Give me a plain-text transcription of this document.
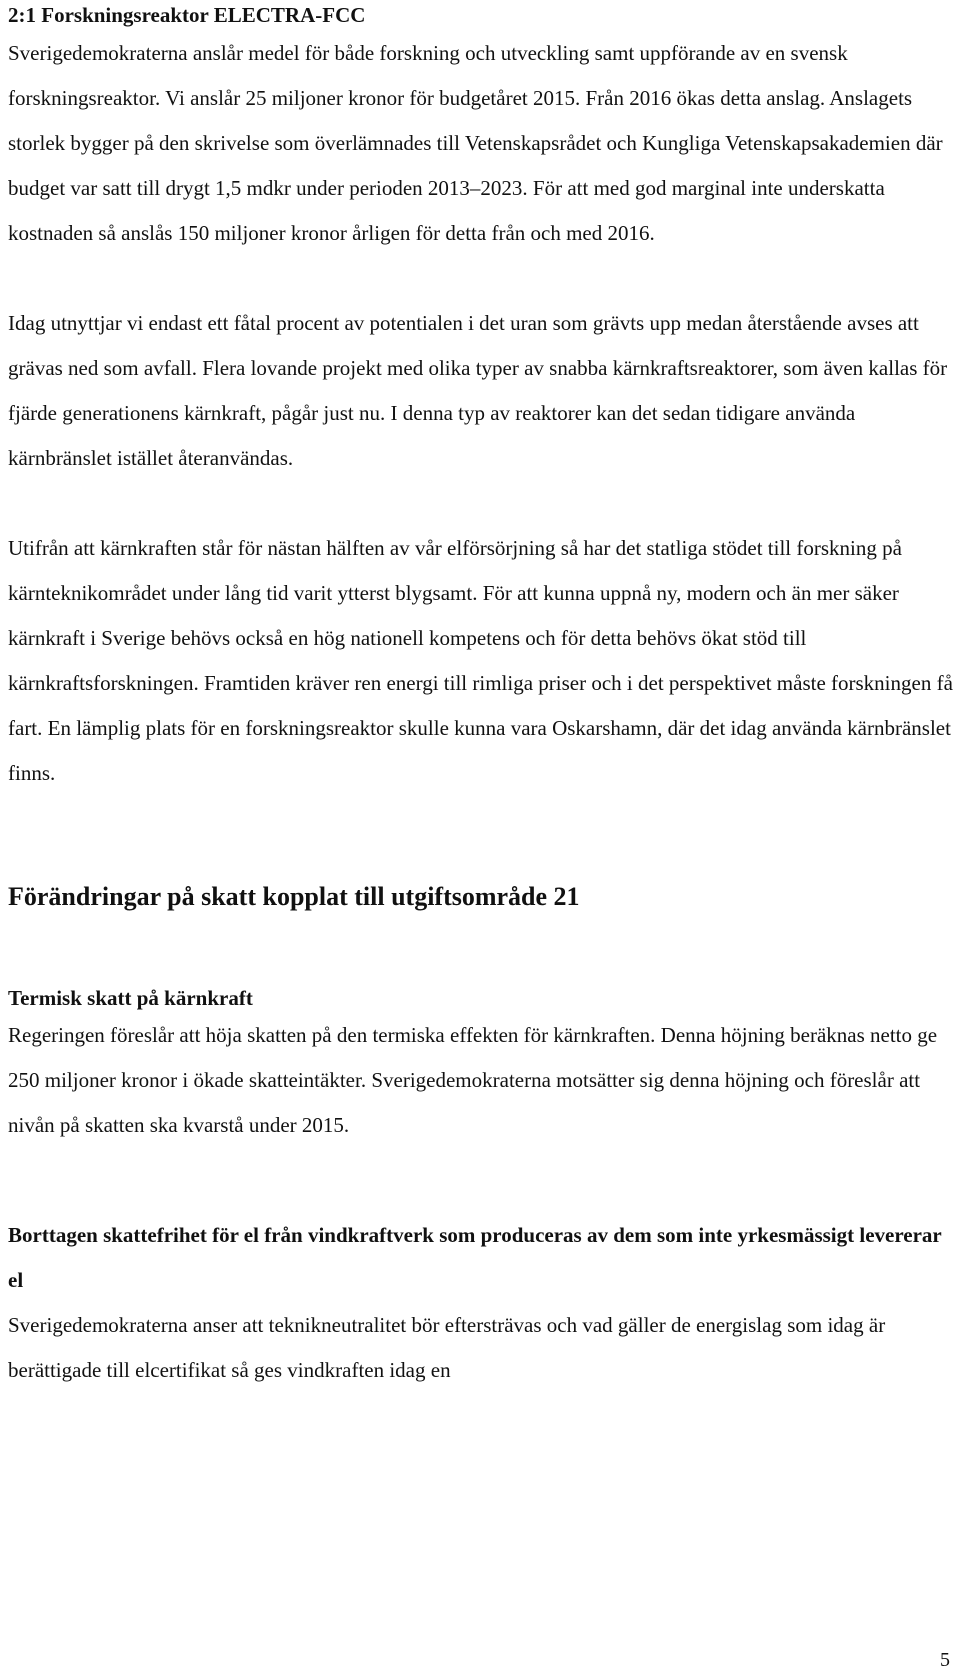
2:1 Forskningsreaktor ELECTRA-FCC

Sverigedemokraterna anslår medel för både forskning och utveckling samt uppförande av en svensk forskningsreaktor. Vi anslår 25 miljoner kronor för budgetåret 2015. Från 2016 ökas detta anslag. Anslagets storlek bygger på den skrivelse som överlämnades till Vetenskapsrådet och Kungliga Vetenskapsakademien där budget var satt till drygt 1,5 mdkr under perioden 2013–2023. För att med god marginal inte underskatta kostnaden så anslås 150 miljoner kronor årligen för detta från och med 2016.

Idag utnyttjar vi endast ett fåtal procent av potentialen i det uran som grävts upp medan återstående avses att grävas ned som avfall. Flera lovande projekt med olika typer av snabba kärnkraftsreaktorer, som även kallas för fjärde generationens kärnkraft, pågår just nu. I denna typ av reaktorer kan det sedan tidigare använda kärnbränslet istället återanvändas.

Utifrån att kärnkraften står för nästan hälften av vår elförsörjning så har det statliga stödet till forskning på kärnteknikområdet under lång tid varit ytterst blygsamt. För att kunna uppnå ny, modern och än mer säker kärnkraft i Sverige behövs också en hög nationell kompetens och för detta behövs ökat stöd till kärnkraftsforskningen. Framtiden kräver ren energi till rimliga priser och i det perspektivet måste forskningen få fart. En lämplig plats för en forskningsreaktor skulle kunna vara Oskarshamn, där det idag använda kärnbränslet finns.

Förändringar på skatt kopplat till utgiftsområde 21
Termisk skatt på kärnkraft

Regeringen föreslår att höja skatten på den termiska effekten för kärnkraften. Denna höjning beräknas netto ge 250 miljoner kronor i ökade skatteintäkter. Sverigedemokraterna motsätter sig denna höjning och föreslår att nivån på skatten ska kvarstå under 2015.

Borttagen skattefrihet för el från vindkraftverk som produceras av dem som inte yrkesmässigt levererar el

Sverigedemokraterna anser att teknikneutralitet bör eftersträvas och vad gäller de energislag som idag är berättigade till elcertifikat så ges vindkraften idag en

5
